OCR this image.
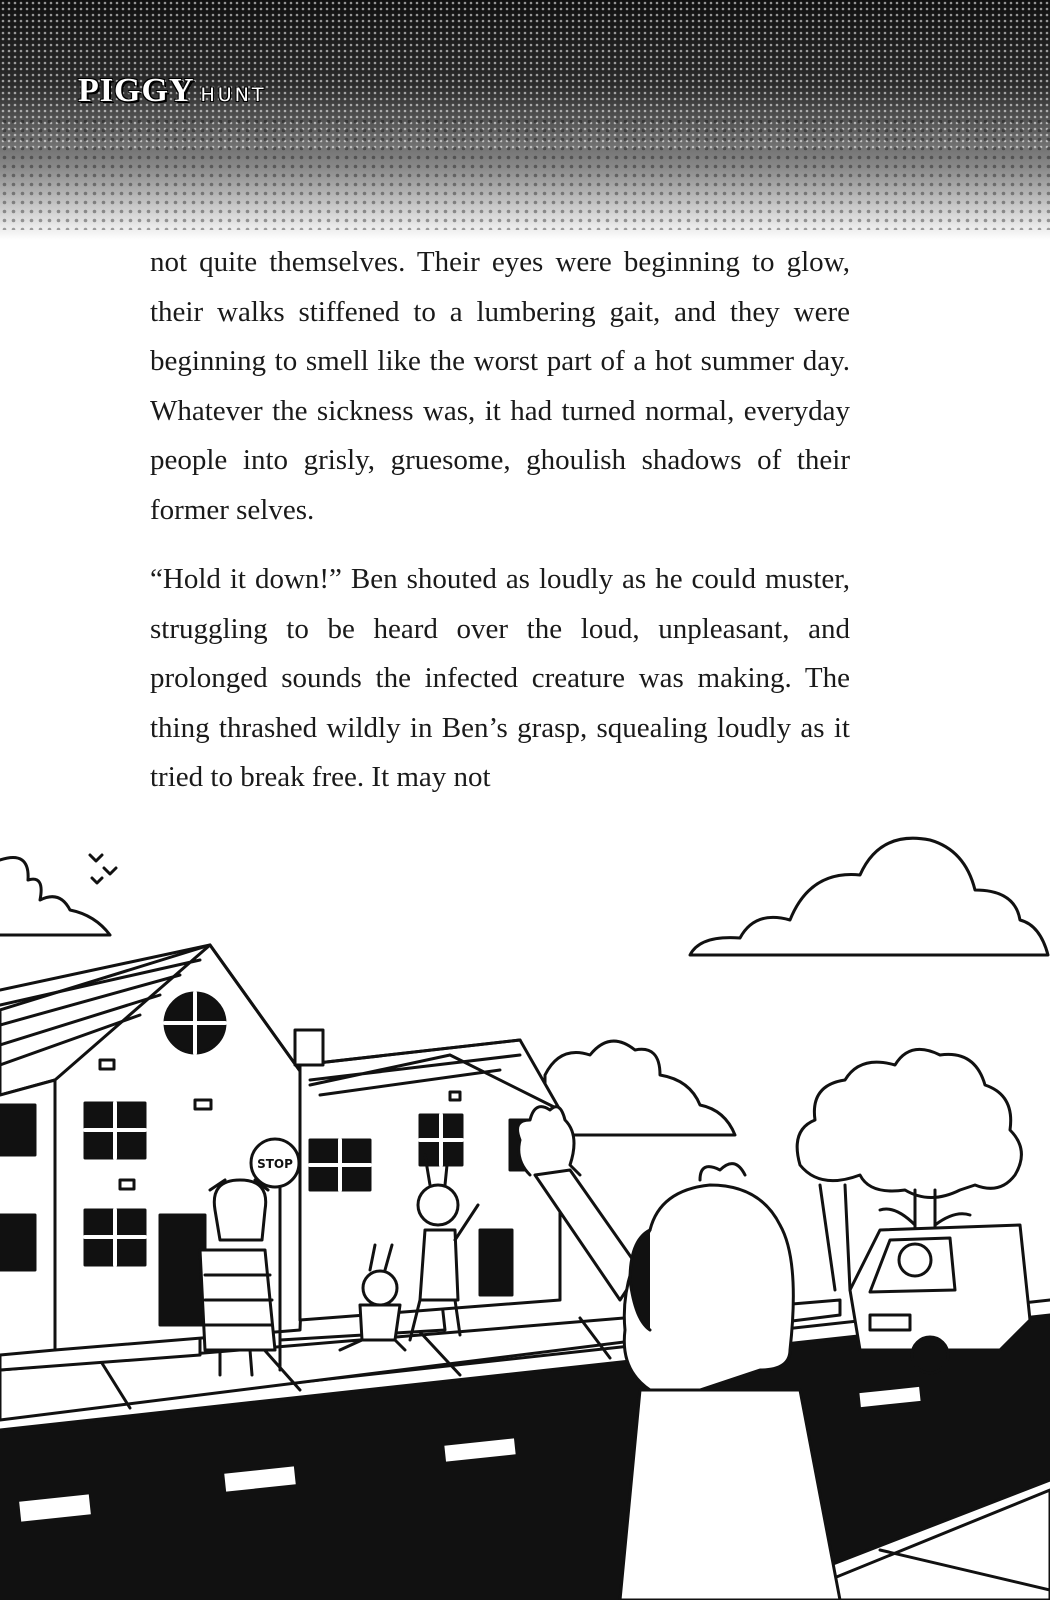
PIGGY HUNT

not quite themselves. Their eyes were beginning to glow, their walks stiffened to a lumbering gait, and they were beginning to smell like the worst part of a hot summer day. Whatever the sickness was, it had turned normal, everyday people into grisly, gruesome, ghoulish shadows of their former selves.

“Hold it down!” Ben shouted as loudly as he could muster, struggling to be heard over the loud, unpleasant, and prolonged sounds the infected creature was making. The thing thrashed wildly in Ben’s grasp, squealing loudly as it tried to break free. It may not

STOP
